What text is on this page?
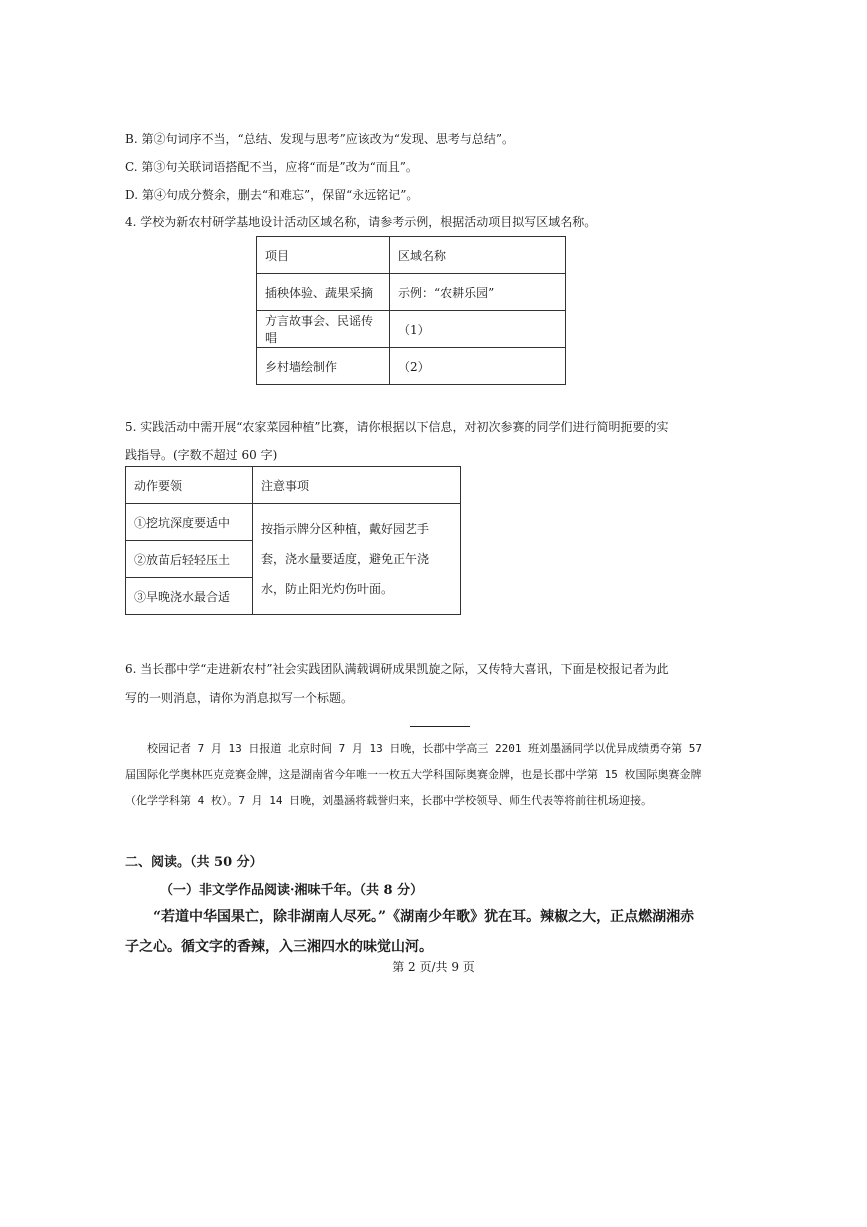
B. 第②句词序不当，“总结、发现与思考”应该改为“发现、思考与总结”。
C. 第③句关联词语搭配不当，应将“而是”改为“而且”。
D. 第④句成分赘余，删去“和难忘”，保留“永远铭记”。
4. 学校为新农村研学基地设计活动区域名称，请参考示例，根据活动项目拟写区域名称。
项目	区域名称
插秧体验、蔬果采摘	示例：“农耕乐园”
方言故事会、民谣传唱	（1）
乡村墙绘制作	（2）
5. 实践活动中需开展“农家菜园种植”比赛，请你根据以下信息，对初次参赛的同学们进行简明扼要的实
践指导。(字数不超过 60 字)
动作要领	注意事项
①挖坑深度要适中	按指示牌分区种植，戴好园艺手套，浇水量要适度，避免正午浇水，防止阳光灼伤叶面。
②放苗后轻轻压土	
③早晚浇水最合适	
6. 当长郡中学“走进新农村”社会实践团队满载调研成果凯旋之际，又传特大喜讯，下面是校报记者为此
写的一则消息，请你为消息拟写一个标题。

校园记者 7 月 13 日报道 北京时间 7 月 13 日晚，长郡中学高三 2201 班刘墨涵同学以优异成绩勇夺第 57 届国际化学奥林匹克竞赛金牌，这是湖南省今年唯一一枚五大学科国际奥赛金牌，也是长郡中学第 15 枚国际奥赛金牌（化学学科第 4 枚）。7 月 14 日晚，刘墨涵将载誉归来，长郡中学校领导、师生代表等将前往机场迎接。

二、阅读。（共 50 分）
（一）非文学作品阅读·湘味千年。（共 8 分）
“若道中华国果亡，除非湖南人尽死。”《湖南少年歌》犹在耳。辣椒之大，正点燃湖湘赤子之心。循文字的香辣，入三湘四水的味觉山河。
第 2 页/共 9 页
